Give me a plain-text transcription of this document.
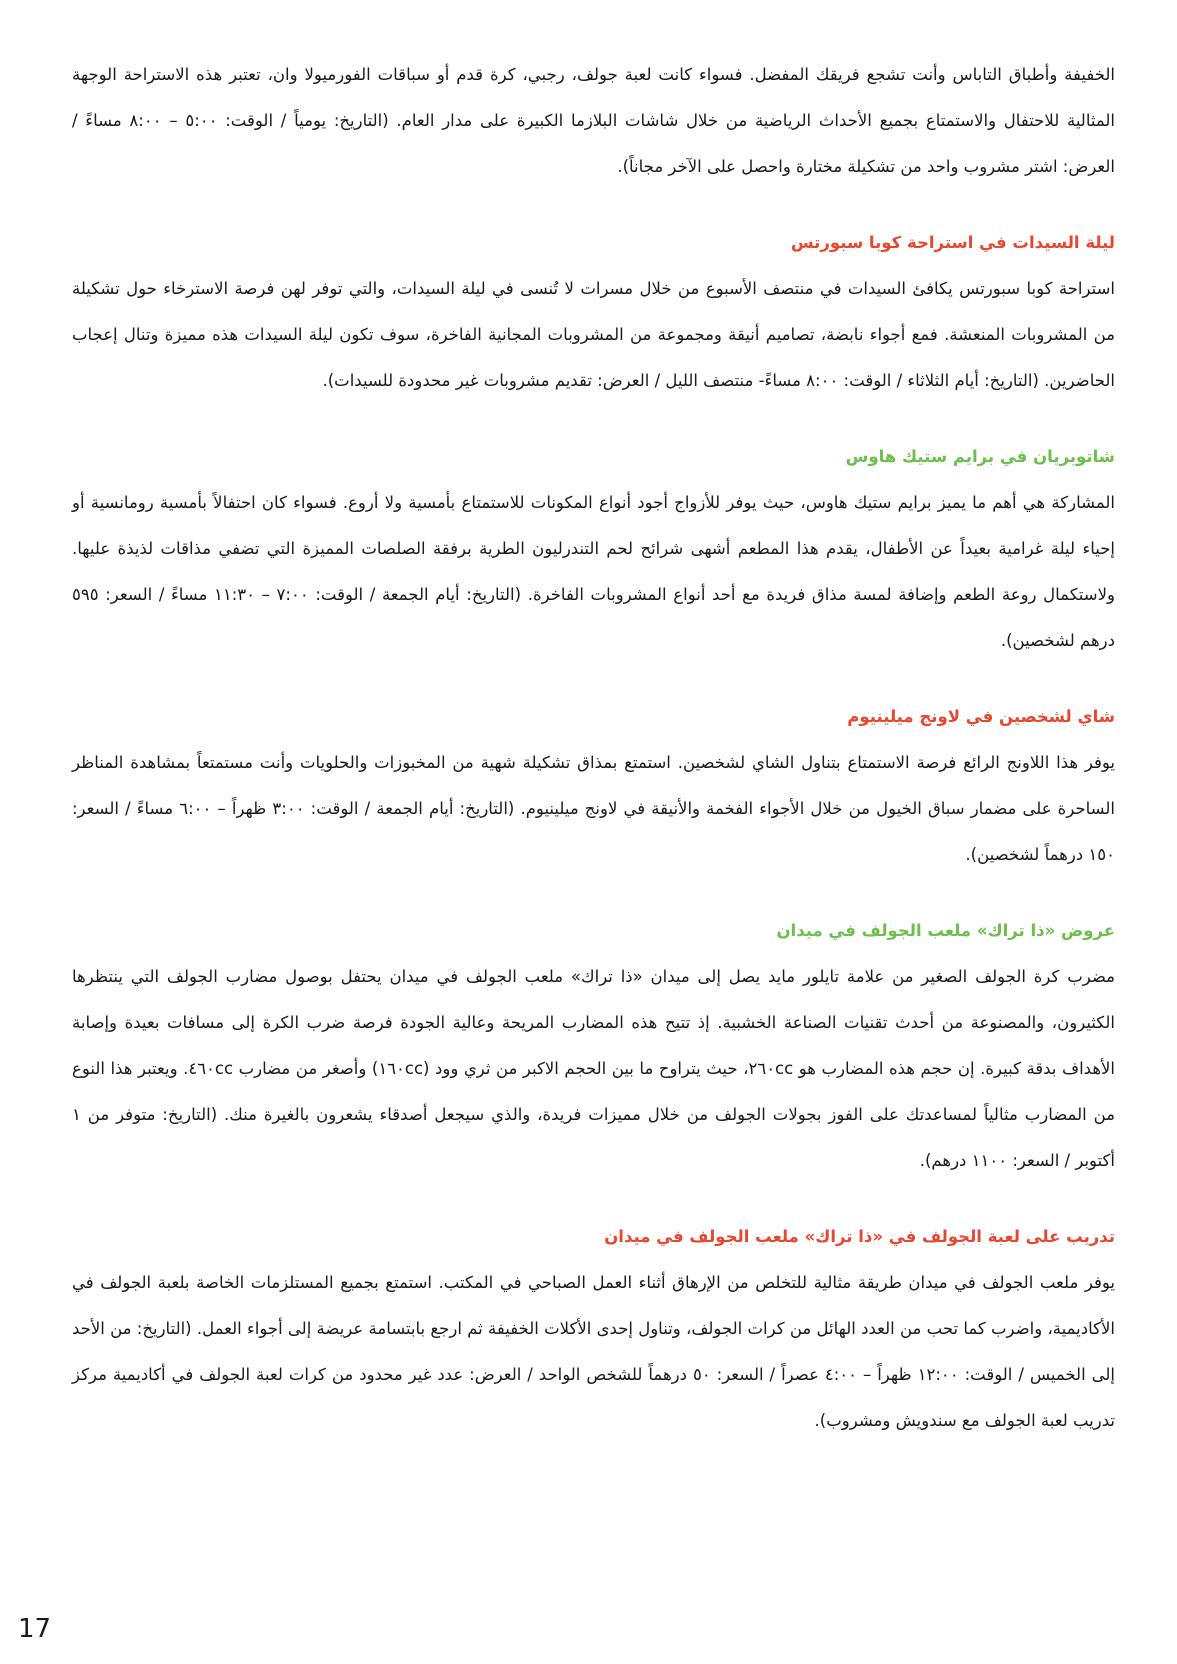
الخفيفة وأطباق التاباس وأنت تشجع فريقك المفضل. فسواء كانت لعبة جولف، رجبي، كرة قدم أو سباقات الفورميولا وان، تعتبر هذه الاستراحة الوجهة المثالية للاحتفال والاستمتاع بجميع الأحداث الرياضية من خلال شاشات البلازما الكبيرة على مدار العام. (التاريخ: يومياً / الوقت: ٥:٠٠ – ٨:٠٠ مساءً / العرض: اشتر مشروب واحد من تشكيلة مختارة واحصل على الآخر مجاناً).

ليلة السيدات في استراحة كوبا سبورتس

استراحة كوبا سبورتس يكافئ السيدات في منتصف الأسبوع من خلال مسرات لا تُنسى في ليلة السيدات، والتي توفر لهن فرصة الاسترخاء حول تشكيلة من المشروبات المنعشة. فمع أجواء نابضة، تصاميم أنيقة ومجموعة من المشروبات المجانية الفاخرة، سوف تكون ليلة السيدات هذه مميزة وتنال إعجاب الحاضرين. (التاريخ: أيام الثلاثاء / الوقت: ٨:٠٠ مساءً- منتصف الليل / العرض: تقديم مشروبات غير محدودة للسيدات).

شاتوبريان في برايم ستيك هاوس

المشاركة هي أهم ما يميز برايم ستيك هاوس، حيث يوفر للأزواج أجود أنواع المكونات للاستمتاع بأمسية ولا أروع. فسواء كان احتفالاً بأمسية رومانسية أو إحياء ليلة غرامية بعيداً عن الأطفال، يقدم هذا المطعم أشهى شرائح لحم التندرليون الطرية برفقة الصلصات المميزة التي تضفي مذاقات لذيذة عليها. ولاستكمال روعة الطعم وإضافة لمسة مذاق فريدة مع أحد أنواع المشروبات الفاخرة. (التاريخ: أيام الجمعة / الوقت: ٧:٠٠ – ١١:٣٠ مساءً / السعر: ٥٩٥ درهم لشخصين).

شاي لشخصين في لاونج ميلينيوم

يوفر هذا اللاونج الرائع فرصة الاستمتاع بتناول الشاي لشخصين. استمتع بمذاق تشكيلة شهية من المخبوزات والحلويات وأنت مستمتعاً بمشاهدة المناظر الساحرة على مضمار سباق الخيول من خلال الأجواء الفخمة والأنيقة في لاونج ميلينيوم. (التاريخ: أيام الجمعة / الوقت: ٣:٠٠ ظهراً – ٦:٠٠ مساءً / السعر: ١٥٠ درهماً لشخصين).

عروض «ذا تراك» ملعب الجولف في ميدان

مضرب كرة الجولف الصغير من علامة تايلور مايد يصل إلى ميدان «ذا تراك» ملعب الجولف في ميدان يحتفل بوصول مضارب الجولف التي ينتظرها الكثيرون، والمصنوعة من أحدث تقنيات الصناعة الخشبية. إذ تتيح هذه المضارب المريحة وعالية الجودة فرصة ضرب الكرة إلى مسافات بعيدة وإصابة الأهداف بدقة كبيرة. إن حجم هذه المضارب هو ٢٦٠cc، حيث يتراوح ما بين الحجم الاكبر من ثري وود (١٦٠cc) وأصغر من مضارب ٤٦٠cc. ويعتبر هذا النوع من المضارب مثالياً لمساعدتك على الفوز بجولات الجولف من خلال مميزات فريدة، والذي سيجعل أصدقاء يشعرون بالغيرة منك. (التاريخ: متوفر من ١ أكتوبر / السعر: ١١٠٠ درهم).

تدريب على لعبة الجولف في «ذا تراك» ملعب الجولف في ميدان

يوفر ملعب الجولف في ميدان طريقة مثالية للتخلص من الإرهاق أثناء العمل الصباحي في المكتب. استمتع بجميع المستلزمات الخاصة بلعبة الجولف في الأكاديمية، واضرب كما تحب من العدد الهائل من كرات الجولف، وتناول إحدى الأكلات الخفيفة ثم ارجع بابتسامة عريضة إلى أجواء العمل. (التاريخ: من الأحد إلى الخميس / الوقت: ١٢:٠٠ ظهراً – ٤:٠٠ عصراً / السعر: ٥٠ درهماً للشخص الواحد / العرض: عدد غير محدود من كرات لعبة الجولف في أكاديمية مركز تدريب لعبة الجولف مع سندويش ومشروب).

17
